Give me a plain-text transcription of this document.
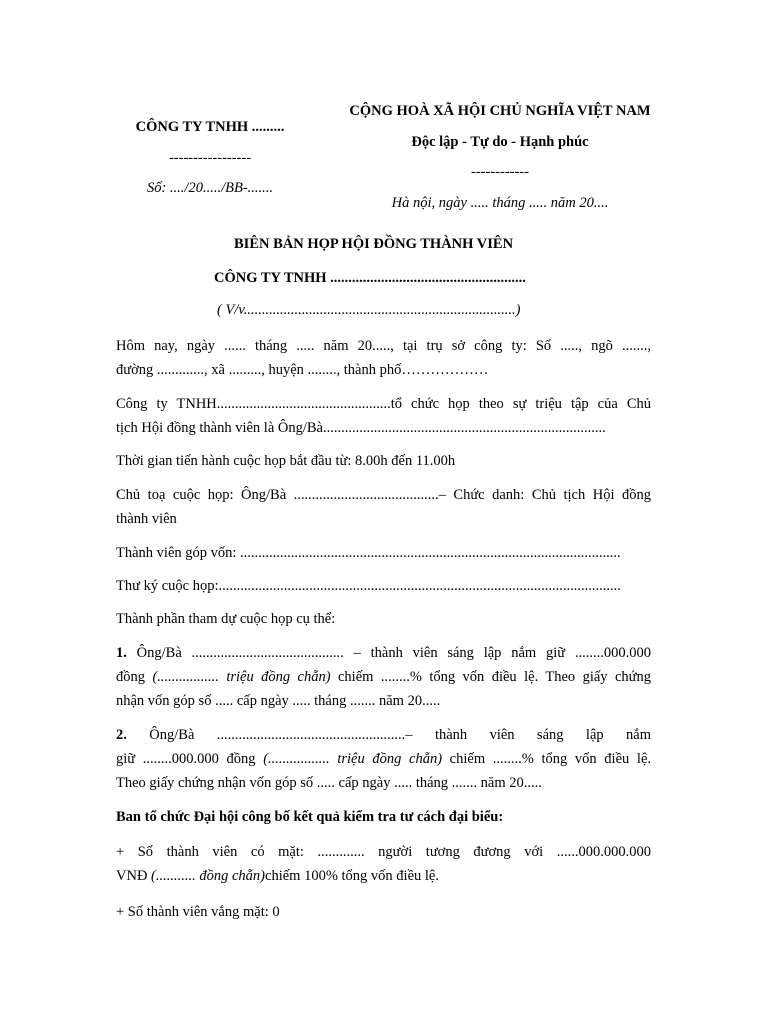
CÔNG TY TNHH .........
-----------------
Số: ..../20...../BB-.......
CỘNG HOÀ XÃ HỘI CHỦ NGHĨA VIỆT NAM
Độc lập - Tự do - Hạnh phúc
------------
Hà nội, ngày ..... tháng ..... năm 20....
BIÊN BẢN HỌP HỘI ĐỒNG THÀNH VIÊN
CÔNG TY TNHH ......................................................
( V/v...........................................................................)
Hôm nay, ngày ...... tháng ..... năm 20....., tại trụ sở công ty: Số ....., ngõ .......,
đường ............., xã ........., huyện ........, thành phố………………
Công ty TNHH................................................tổ chức họp theo sự triệu tập của Chủ
tịch Hội đồng thành viên là Ông/Bà..............................................................................
Thời gian tiến hành cuộc họp bắt đầu từ: 8.00h đến 11.00h
Chủ toạ cuộc họp: Ông/Bà ........................................– Chức danh: Chủ tịch Hội đồng
thành viên
Thành viên góp vốn: .........................................................................................................
Thư ký cuộc họp:...............................................................................................................
Thành phần tham dự cuộc họp cụ thể:
1. Ông/Bà .......................................... – thành viên sáng lập nắm giữ ........000.000
đồng (................. triệu đồng chẵn) chiếm ........% tổng vốn điều lệ. Theo giấy chứng
nhận vốn góp số ..... cấp ngày ..... tháng ....... năm 20.....
2. Ông/Bà ....................................................– thành viên sáng lập nắm
giữ ........000.000 đồng (................. triệu đồng chẵn) chiếm ........% tổng vốn điều lệ.
Theo giấy chứng nhận vốn góp số ..... cấp ngày ..... tháng ....... năm 20.....
Ban tổ chức Đại hội công bố kết quả kiểm tra tư cách đại biểu:
+ Số thành viên có mặt: ............. người tương đương với ......000.000.000
VNĐ (........... đồng chẵn)chiếm 100% tổng vốn điều lệ.
+ Số thành viên vắng mặt: 0
